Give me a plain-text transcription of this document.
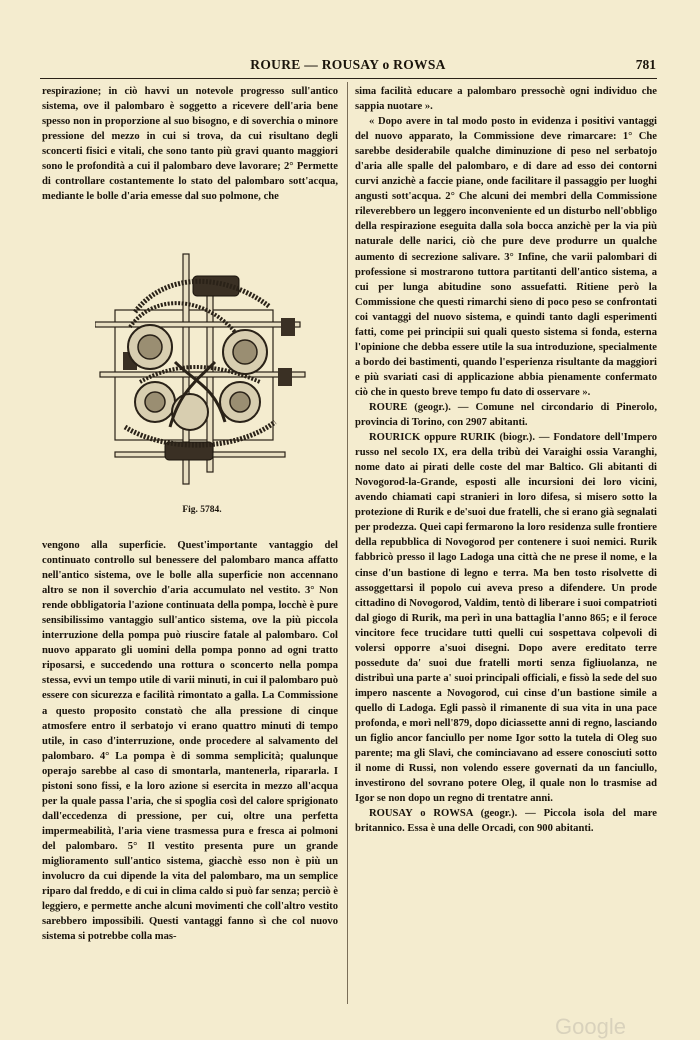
ROURE — ROUSAY o ROWSA	781

respirazione; in ciò havvi un notevole progresso sull'antico sistema, ove il palombaro è soggetto a ricevere dell'aria bene spesso non in proporzione al suo bisogno, e di soverchia o minore pressione del mezzo in cui si trova, da cui risultano degli sconcerti fisici e vitali, che sono tanto più gravi quanto maggiori sono le profondità a cui il palombaro deve lavorare; 2° Permette di controllare costantemente lo stato del palombaro sott'acqua, mediante le bolle d'aria emesse dal suo polmone, che

Fig. 5784.

vengono alla superficie. Quest'importante vantaggio del continuato controllo sul benessere del palombaro manca affatto nell'antico sistema, ove le bolle alla superficie non accennano altro se non il soverchio d'aria accumulato nel vestito. 3° Non rende obbligatoria l'azione continuata della pompa, locchè è pure sensibilissimo vantaggio sull'antico sistema, ove la più piccola interruzione della pompa può riuscire fatale al palombaro. Col nuovo apparato gli uomini della pompa ponno ad ogni tratto riposarsi, e succedendo una rottura o sconcerto nella pompa stessa, evvi un tempo utile di varii minuti, in cui il palombaro può essere con sicurezza e facilità rimontato a galla. La Commissione a questo proposito constatò che alla pressione di cinque atmosfere entro il serbatojo vi erano quattro minuti di tempo utile, in caso d'interruzione, onde procedere al salvamento del palombaro. 4° La pompa è di somma semplicità; qualunque operajo sarebbe al caso di smontarla, mantenerla, ripararla. I pistoni sono fissi, e la loro azione si esercita in mezzo all'acqua per la quale passa l'aria, che si spoglia così del calore sprigionato dall'eccedenza di pressione, per cui, oltre una perfetta impermeabilità, l'aria viene trasmessa pura e fresca ai polmoni del palombaro. 5° Il vestito presenta pure un grande miglioramento sull'antico sistema, giacchè esso non è più un involucro da cui dipende la vita del palombaro, ma un semplice riparo dal freddo, e di cui in clima caldo si può far senza; perciò è leggiero, e permette anche alcuni movimenti che coll'altro vestito sarebbero impossibili. Questi vantaggi fanno sì che col nuovo sistema si potrebbe colla mas-

sima facilità educare a palombaro pressochè ogni individuo che sappia nuotare ».

« Dopo avere in tal modo posto in evidenza i positivi vantaggi del nuovo apparato, la Commissione deve rimarcare: 1° Che sarebbe desiderabile qualche diminuzione di peso nel serbatojo d'aria alle spalle del palombaro, e di dare ad esso dei contorni curvi anzichè a faccie piane, onde facilitare il passaggio per luoghi angusti sott'acqua. 2° Che alcuni dei membri della Commissione rileverebbero un leggero inconveniente ed un disturbo nell'obbligo della respirazione eseguita dalla sola bocca anzichè per la via più naturale delle narici, ciò che pure deve produrre un qualche aumento di secrezione salivare. 3° Infine, che varii palombari di professione si mostrarono tuttora partitanti dell'antico sistema, a cui per lunga abitudine sono assuefatti. Ritiene però la Commissione che questi rimarchi sieno di poco peso se confrontati coi vantaggi del nuovo sistema, e quindi tanto dagli esperimenti fatti, come pei principii sui quali questo sistema si fonda, esterna l'opinione che debba essere utile la sua introduzione, specialmente a bordo dei bastimenti, quando l'esperienza risultante da maggiori e più svariati casi di applicazione abbia pienamente confermato ciò che in questo breve tempo fu dato di osservare ».

ROURE (geogr.). — Comune nel circondario di Pinerolo, provincia di Torino, con 2907 abitanti.

ROURICK oppure RURIK (biogr.). — Fondatore dell'Impero russo nel secolo IX, era della tribù dei Varaighi ossia Varanghi, nome dato ai pirati delle coste del mar Baltico. Gli abitanti di Novogorod-la-Grande, esposti alle incursioni dei loro vicini, avendo chiamati capi stranieri in loro difesa, si misero sotto la protezione di Rurik e de'suoi due fratelli, che si erano già segnalati per prodezza. Quei capi fermarono la loro residenza sulle frontiere della repubblica di Novogorod per contenere i suoi nemici. Rurik fabbricò presso il lago Ladoga una città che ne prese il nome, e la cinse d'un bastione di legno e terra. Ma ben tosto risolvette di assoggettarsi il popolo cui aveva preso a difendere. Un prode cittadino di Novogorod, Valdim, tentò di liberare i suoi compatrioti dal giogo di Rurik, ma perì in una battaglia l'anno 865; e il feroce vincitore fece trucidare tutti quelli cui sospettava colpevoli di volersi opporre a'suoi disegni. Dopo avere ereditato terre possedute da' suoi due fratelli morti senza figliuolanza, ne distribuì una parte a' suoi principali officiali, e fissò la sede del suo impero nascente a Novogorod, cui cinse d'un bastione simile a quello di Ladoga. Egli passò il rimanente di sua vita in una pace profonda, e morì nell'879, dopo diciassette anni di regno, lasciando un figlio ancor fanciullo per nome Igor sotto la tutela di Oleg suo parente; ma gli Slavi, che cominciavano ad essere conosciuti sotto il nome di Russi, non volendo essere governati da un fanciullo, investirono del sovrano potere Oleg, il quale non lo trasmise ad Igor se non dopo un regno di trentatre anni.

ROUSAY o ROWSA (geogr.). — Piccola isola del mare britannico. Essa è una delle Orcadi, con 900 abitanti.

Google
